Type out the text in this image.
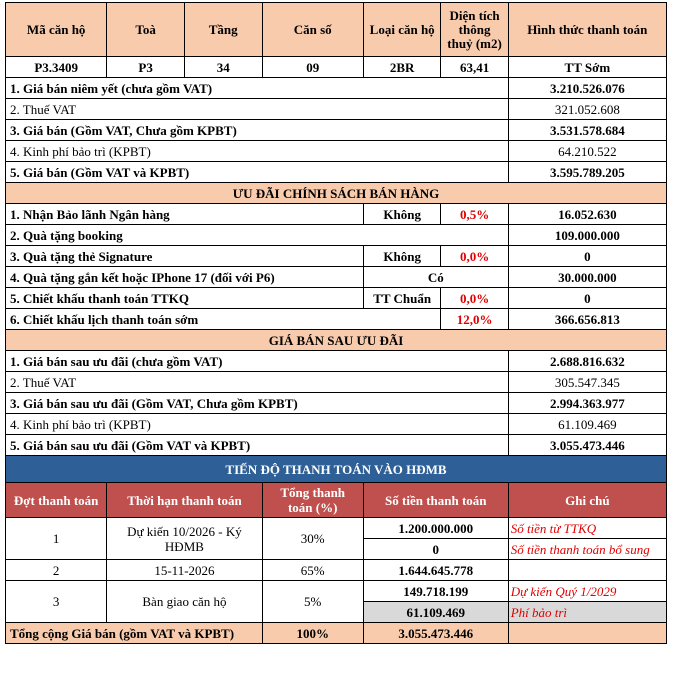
Mã căn hộ	Toà	Tầng	Căn số	Loại căn hộ	Diện tích thông thuỷ (m2)	Hình thức thanh toán
P3.3409	P3	34	09	2BR	63,41	TT Sớm
1. Giá bán niêm yết (chưa gồm VAT)						3.210.526.076
2. Thuế VAT						321.052.608
3. Giá bán (Gồm VAT, Chưa gồm KPBT)						3.531.578.684
4. Kinh phí bảo trì (KPBT)						64.210.522
5. Giá bán (Gồm VAT và KPBT)						3.595.789.205
ƯU ĐÃI CHÍNH SÁCH BÁN HÀNG						
1. Nhận Bảo lãnh Ngân hàng				Không	0,5%	16.052.630
2. Quà tặng booking						109.000.000
3. Quà tặng thẻ Signature				Không	0,0%	0
4. Quà tặng gắn kết hoặc IPhone 17 (đối với P6)				Có		30.000.000
5. Chiết khấu thanh toán TTKQ				TT Chuẩn	0,0%	0
6. Chiết khấu lịch thanh toán sớm					12,0%	366.656.813
GIÁ BÁN SAU ƯU ĐÃI						
1. Giá bán sau ưu đãi (chưa gồm VAT)						2.688.816.632
2. Thuế VAT						305.547.345
3. Giá bán sau ưu đãi (Gồm VAT, Chưa gồm KPBT)						2.994.363.977
4. Kinh phí bảo trì (KPBT)						61.109.469
5. Giá bán sau ưu đãi (Gồm VAT và KPBT)						3.055.473.446
TIẾN ĐỘ THANH TOÁN VÀO HĐMB						
Đợt thanh toán	Thời hạn thanh toán		Tổng thanh toán (%)	Số tiền thanh toán		Ghi chú
1	Dự kiến 10/2026 - Ký HĐMB		30%	1.200.000.000		Số tiền từ TTKQ
				0		Số tiền thanh toán bổ sung
2	15-11-2026		65%	1.644.645.778		
3	Bàn giao căn hộ		5%	149.718.199		Dự kiến Quý 1/2029
				61.109.469		Phí bảo trì
Tổng cộng Giá bán (gồm VAT và KPBT)			100%	3.055.473.446		
